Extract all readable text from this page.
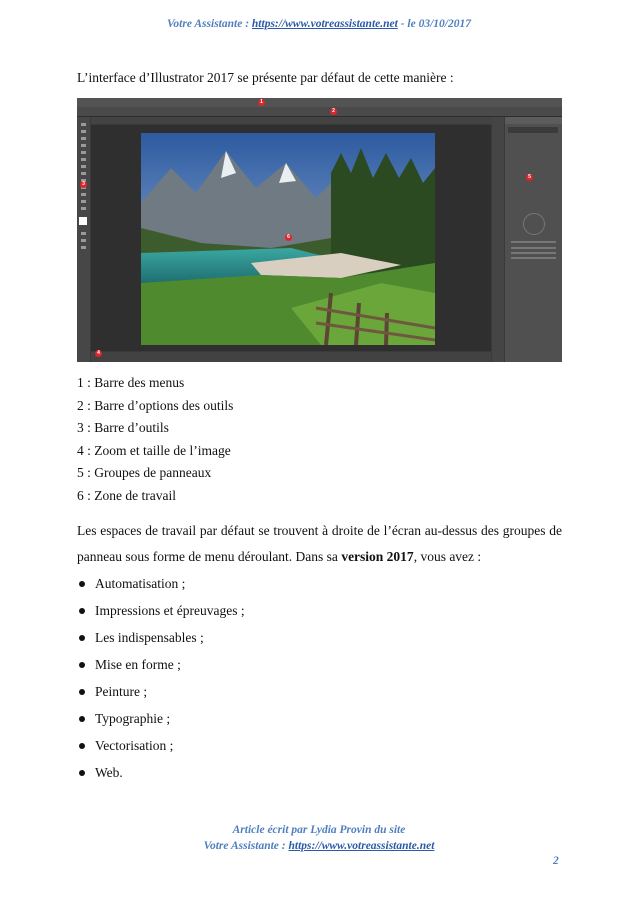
Votre Assistante : https://www.votreassistante.net - le 03/10/2017
L’interface d’Illustrator 2017 se présente par défaut de cette manière :
1
2
3
4
5
6
1 : Barre des menus
2 : Barre d’options des outils
3 : Barre d’outils
4 : Zoom et taille de l’image
5 : Groupes de panneaux
6 : Zone de travail
Les espaces de travail par défaut se trouvent à droite de l’écran au-dessus des groupes de
panneau sous forme de menu déroulant. Dans sa version 2017, vous avez :
Automatisation ;
Impressions et épreuvages ;
Les indispensables ;
Mise en forme ;
Peinture ;
Typographie ;
Vectorisation ;
Web.
Article écrit par Lydia Provin du site
Votre Assistante : https://www.votreassistante.net
2
